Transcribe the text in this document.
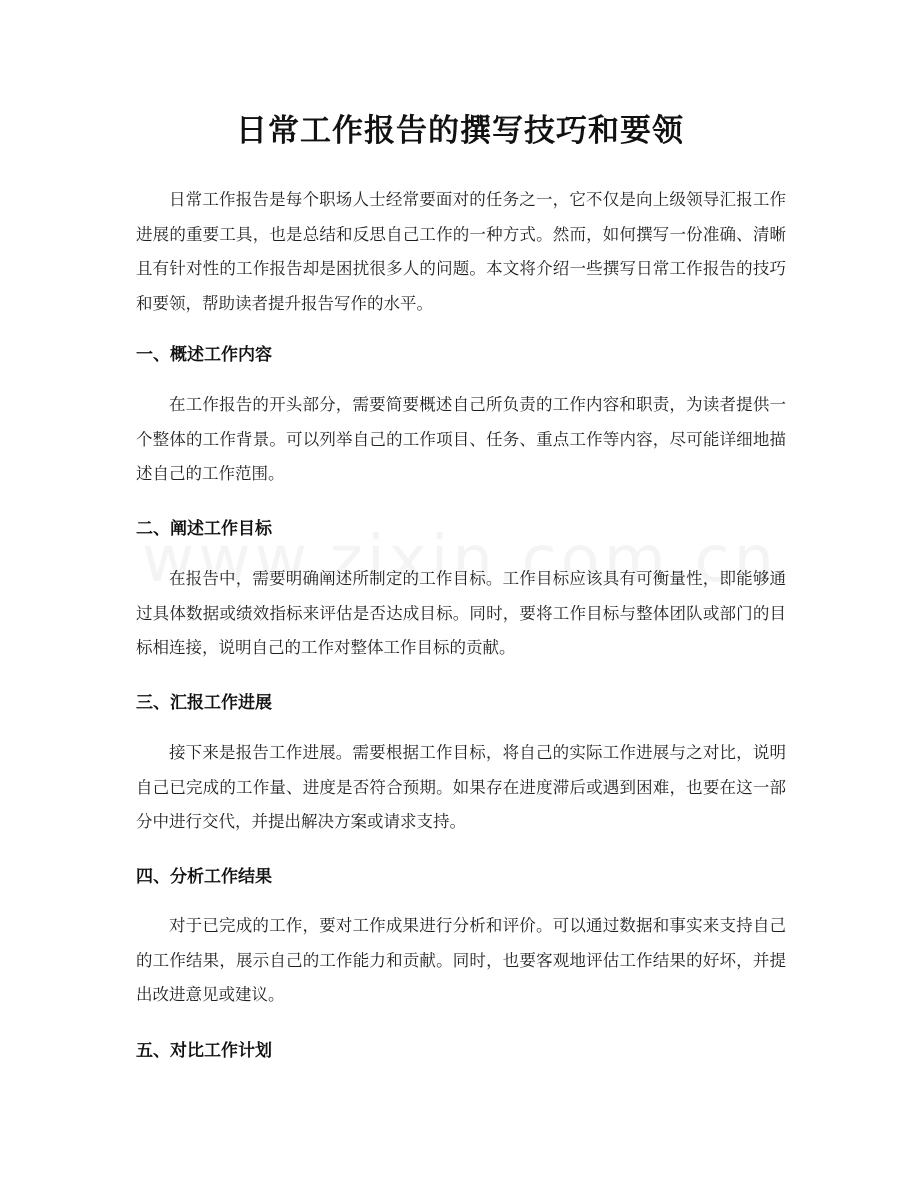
日常工作报告的撰写技巧和要领

日常工作报告是每个职场人士经常要面对的任务之一，它不仅是向上级领导汇报工作进展的重要工具，也是总结和反思自己工作的一种方式。然而，如何撰写一份准确、清晰且有针对性的工作报告却是困扰很多人的问题。本文将介绍一些撰写日常工作报告的技巧和要领，帮助读者提升报告写作的水平。

一、概述工作内容

在工作报告的开头部分，需要简要概述自己所负责的工作内容和职责，为读者提供一个整体的工作背景。可以列举自己的工作项目、任务、重点工作等内容，尽可能详细地描述自己的工作范围。

二、阐述工作目标

在报告中，需要明确阐述所制定的工作目标。工作目标应该具有可衡量性，即能够通过具体数据或绩效指标来评估是否达成目标。同时，要将工作目标与整体团队或部门的目标相连接，说明自己的工作对整体工作目标的贡献。

三、汇报工作进展

接下来是报告工作进展。需要根据工作目标，将自己的实际工作进展与之对比，说明自己已完成的工作量、进度是否符合预期。如果存在进度滞后或遇到困难，也要在这一部分中进行交代，并提出解决方案或请求支持。

四、分析工作结果

对于已完成的工作，要对工作成果进行分析和评价。可以通过数据和事实来支持自己的工作结果，展示自己的工作能力和贡献。同时，也要客观地评估工作结果的好坏，并提出改进意见或建议。

五、对比工作计划
